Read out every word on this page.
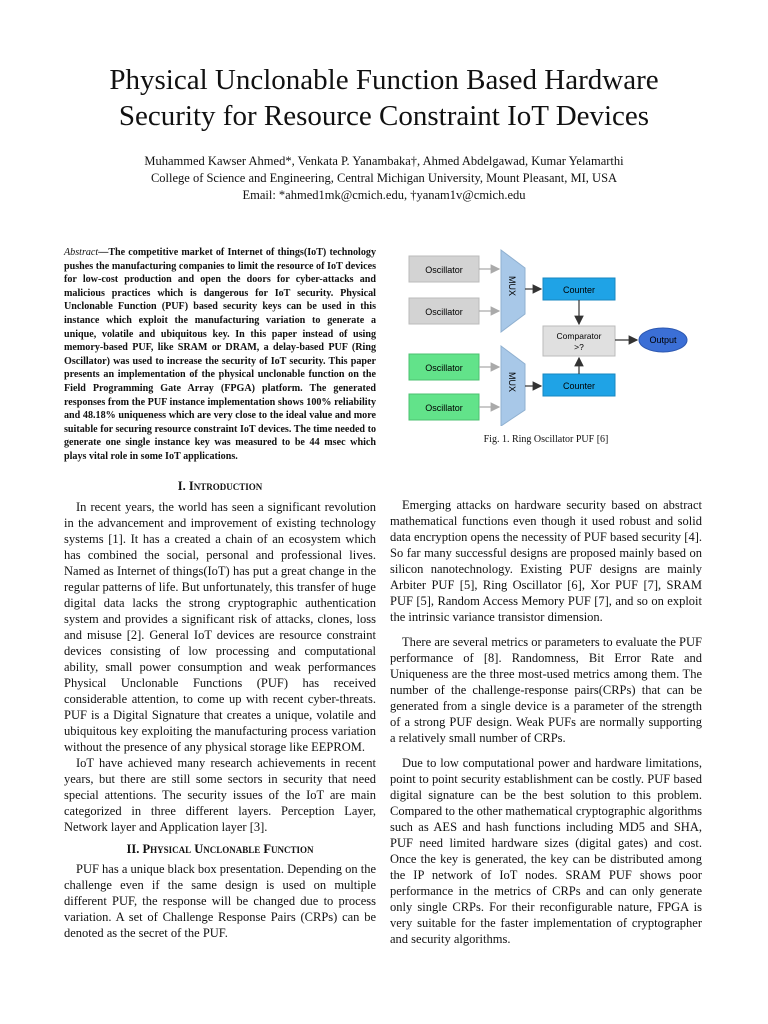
Physical Unclonable Function Based Hardware
Security for Resource Constraint IoT Devices
Muhammed Kawser Ahmed*, Venkata P. Yanambaka†, Ahmed Abdelgawad, Kumar Yelamarthi
College of Science and Engineering, Central Michigan University, Mount Pleasant, MI, USA
Email: *ahmed1mk@cmich.edu, †yanam1v@cmich.edu
Abstract—The competitive market of Internet of things(IoT) technology pushes the manufacturing companies to limit the resource of IoT devices for low-cost production and open the doors for cyber-attacks and malicious practices which is dangerous for IoT security. Physical Unclonable Function (PUF) based security keys can be used in this instance which exploit the manufacturing variation to generate a unique, volatile and ubiquitous key. In this paper instead of using memory-based PUF, like SRAM or DRAM, a delay-based PUF (Ring Oscillator) was used to increase the security of IoT security. This paper presents an implementation of the physical unclonable function on the Field Programming Gate Array (FPGA) platform. The generated responses from the PUF instance implementation shows 100% reliability and 48.18% uniqueness which are very close to the ideal value and more suitable for securing resource constraint IoT devices. The time needed to generate one single instance key was measured to be 44 msec which plays vital role in some IoT applications.
I. Introduction

In recent years, the world has seen a significant revolution in the advancement and improvement of existing technology systems [1]. It has a created a chain of an ecosystem which has combined the social, personal and professional lives. Named as Internet of things(IoT) has put a great change in the regular patterns of life. But unfortunately, this transfer of huge digital data lacks the strong cryptographic authentication system and provides a significant risk of attacks, clones, loss and misuse [2]. General IoT devices are resource constraint devices consisting of low processing and computational ability, small power consumption and weak performances Physical Unclonable Functions (PUF) has received considerable attention, to come up with recent cyber-threats. PUF is a Digital Signature that creates a unique, volatile and ubiquitous key exploiting the manufacturing process variation without the presence of any physical storage like EEPROM.

IoT have achieved many research achievements in recent years, but there are still some sectors in security that need special attentions. The security issues of the IoT are main categorized in three different layers. Perception Layer, Network layer and Application layer [3].

II. Physical Unclonable Function

PUF has a unique black box presentation. Depending on the challenge even if the same design is used on multiple different PUF, the response will be changed due to process variation. A set of Challenge Response Pairs (CRPs) can be denoted as the secret of the PUF.

Oscillator
Oscillator
Oscillator
Oscillator
MUX
MUX
Counter
Counter
Comparator
>?
Output
Fig. 1. Ring Oscillator PUF [6]

Emerging attacks on hardware security based on abstract mathematical functions even though it used robust and solid data encryption opens the necessity of PUF based security [4]. So far many successful designs are proposed mainly based on silicon nanotechnology. Existing PUF designs are mainly Arbiter PUF [5], Ring Oscillator [6], Xor PUF [7], SRAM PUF [5], Random Access Memory PUF [7], and so on exploit the intrinsic variance transistor dimension.

There are several metrics or parameters to evaluate the PUF performance of [8]. Randomness, Bit Error Rate and Uniqueness are the three most-used metrics among them. The number of the challenge-response pairs(CRPs) that can be generated from a single device is a parameter of the strength of a strong PUF design. Weak PUFs are normally supporting a relatively small number of CRPs.

Due to low computational power and hardware limitations, point to point security establishment can be costly. PUF based digital signature can be the best solution to this problem. Compared to the other mathematical cryptographic algorithms such as AES and hash functions including MD5 and SHA, PUF need limited hardware sizes (digital gates) and cost. Once the key is generated, the key can be distributed among the IP network of IoT nodes. SRAM PUF shows poor performance in the metrics of CRPs and can only generate only single CRPs. For their reconfigurable nature, FPGA is very suitable for the faster implementation of cryptographer and security algorithms.
